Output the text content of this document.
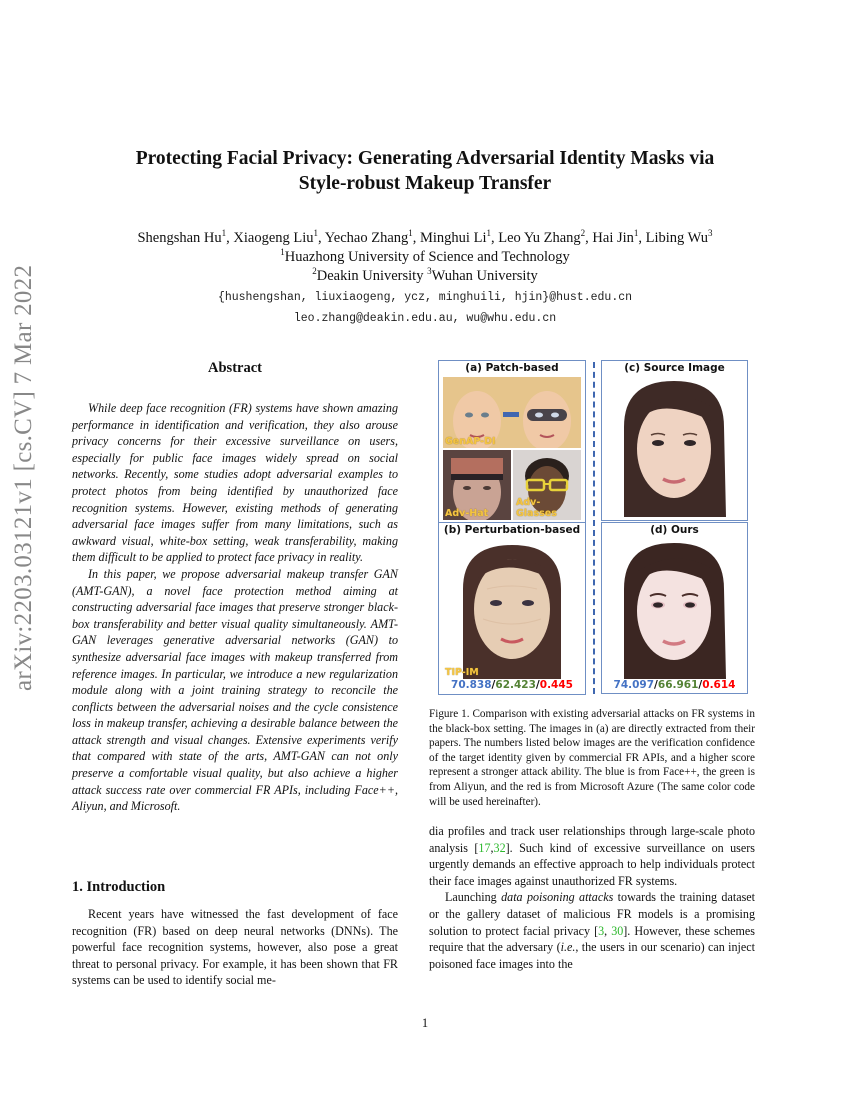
arXiv:2203.03121v1 [cs.CV] 7 Mar 2022
Protecting Facial Privacy: Generating Adversarial Identity Masks via
Style-robust Makeup Transfer
Shengshan Hu$^1$, Xiaogeng Liu$^1$, Yechao Zhang$^1$, Minghui Li$^1$, Leo Yu Zhang$^2$, Hai Jin$^1$, Libing Wu$^3$
$^1$Huazhong University of Science and Technology
$^2$Deakin University $^3$Wuhan University
{hushengshan, liuxiaogeng, ycz, minghuili, hjin}@hust.edu.cn
leo.zhang@deakin.edu.au, wu@whu.edu.cn
Abstract

While deep face recognition (FR) systems have shown amazing performance in identification and verification, they also arouse privacy concerns for their excessive surveillance on users, especially for public face images widely spread on social networks. Recently, some studies adopt adversarial examples to protect photos from being identified by unauthorized face recognition systems. However, existing methods of generating adversarial face images suffer from many limitations, such as awkward visual, white-box setting, weak transferability, making them difficult to be applied to protect face privacy in reality.

In this paper, we propose adversarial makeup transfer GAN (AMT-GAN), a novel face protection method aiming at constructing adversarial face images that preserve stronger black-box transferability and better visual quality simultaneously. AMT-GAN leverages generative adversarial networks (GAN) to synthesize adversarial face images with makeup transferred from reference images. In particular, we introduce a new regularization module along with a joint training strategy to reconcile the conflicts between the adversarial noises and the cycle consistence loss in makeup transfer, achieving a desirable balance between the attack strength and visual changes. Extensive experiments verify that compared with state of the arts, AMT-GAN can not only preserve a comfortable visual quality, but also achieve a higher attack success rate over commercial FR APIs, including Face++, Aliyun, and Microsoft.

1. Introduction

Recent years have witnessed the fast development of face recognition (FR) based on deep neural networks (DNNs). The powerful face recognition systems, however, also pose a great threat to personal privacy. For example, it has been shown that FR systems can be used to identify social me-

(a) Patch-based
GenAP-DI
Adv-Hat
Adv-Glasses
(b) Perturbation-based
TIP-IM
70.838/62.423/0.445
(c) Source Image
(d) Ours
74.097/66.961/0.614
Figure 1. Comparison with existing adversarial attacks on FR systems in the black-box setting. The images in (a) are directly extracted from their papers. The numbers listed below images are the verification confidence of the target identity given by commercial FR APIs, and a higher score represent a stronger attack ability. The blue is from Face++, the green is from Aliyun, and the red is from Microsoft Azure (The same color code will be used hereinafter).

dia profiles and track user relationships through large-scale photo analysis [17,32]. Such kind of excessive surveillance on users urgently demands an effective approach to help individuals protect their face images against unauthorized FR systems.

Launching data poisoning attacks towards the training dataset or the gallery dataset of malicious FR models is a promising solution to protect facial privacy [3, 30]. However, these schemes require that the adversary (i.e., the users in our scenario) can inject poisoned face images into the

1
